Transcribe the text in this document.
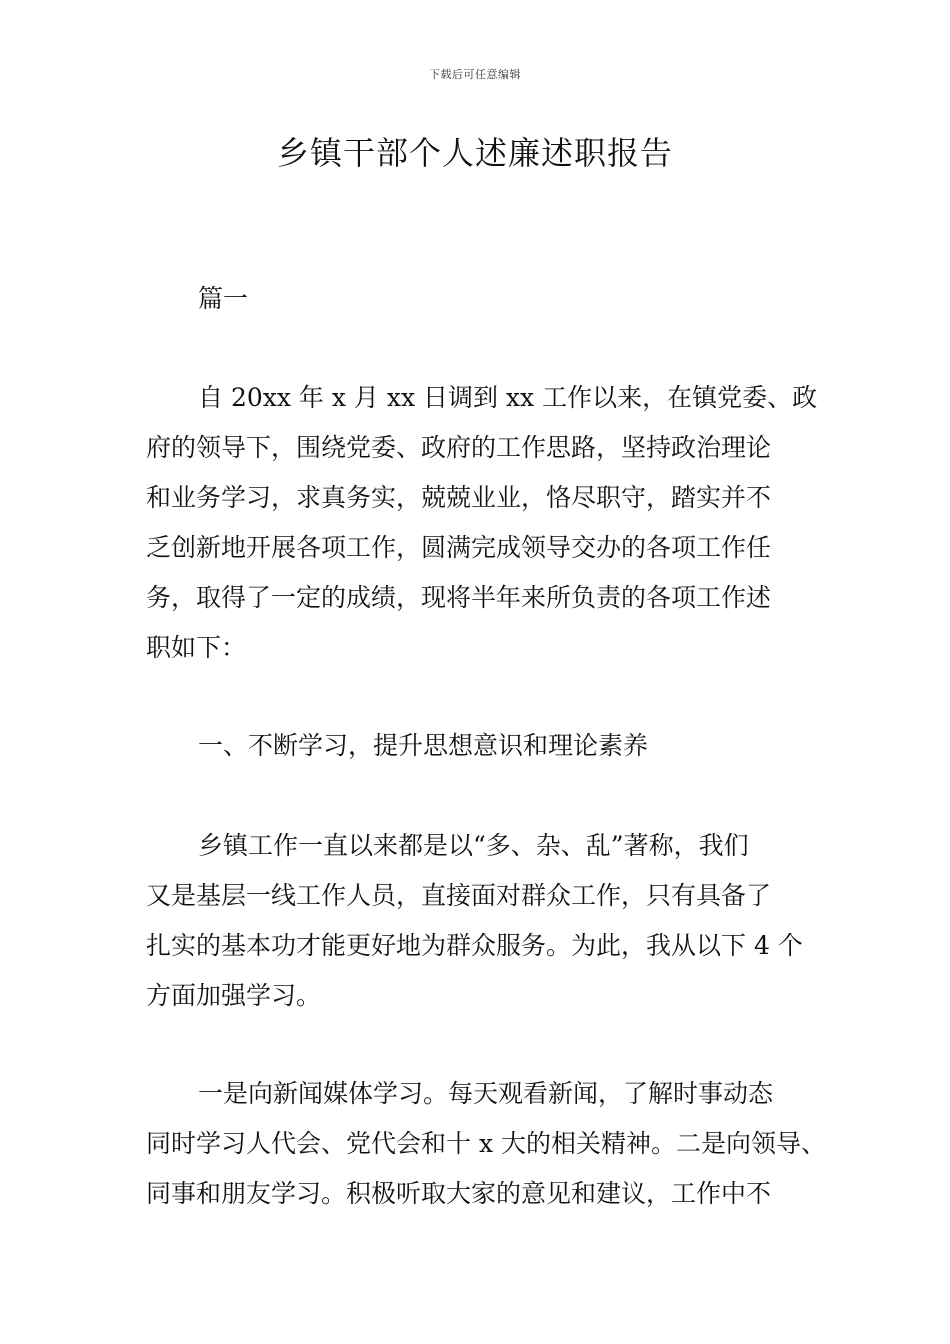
下载后可任意编辑
乡镇干部个人述廉述职报告
篇一
自 20xx 年 x 月 xx 日调到 xx 工作以来，在镇党委、政
府的领导下，围绕党委、政府的工作思路，坚持政治理论
和业务学习，求真务实，兢兢业业，恪尽职守，踏实并不
乏创新地开展各项工作，圆满完成领导交办的各项工作任
务，取得了一定的成绩，现将半年来所负责的各项工作述
职如下：
一、不断学习，提升思想意识和理论素养
乡镇工作一直以来都是以“多、杂、乱”著称，我们
又是基层一线工作人员，直接面对群众工作，只有具备了
扎实的基本功才能更好地为群众服务。为此，我从以下 4 个
方面加强学习。
一是向新闻媒体学习。每天观看新闻，了解时事动态
同时学习人代会、党代会和十 x 大的相关精神。二是向领导、
同事和朋友学习。积极听取大家的意见和建议，工作中不
